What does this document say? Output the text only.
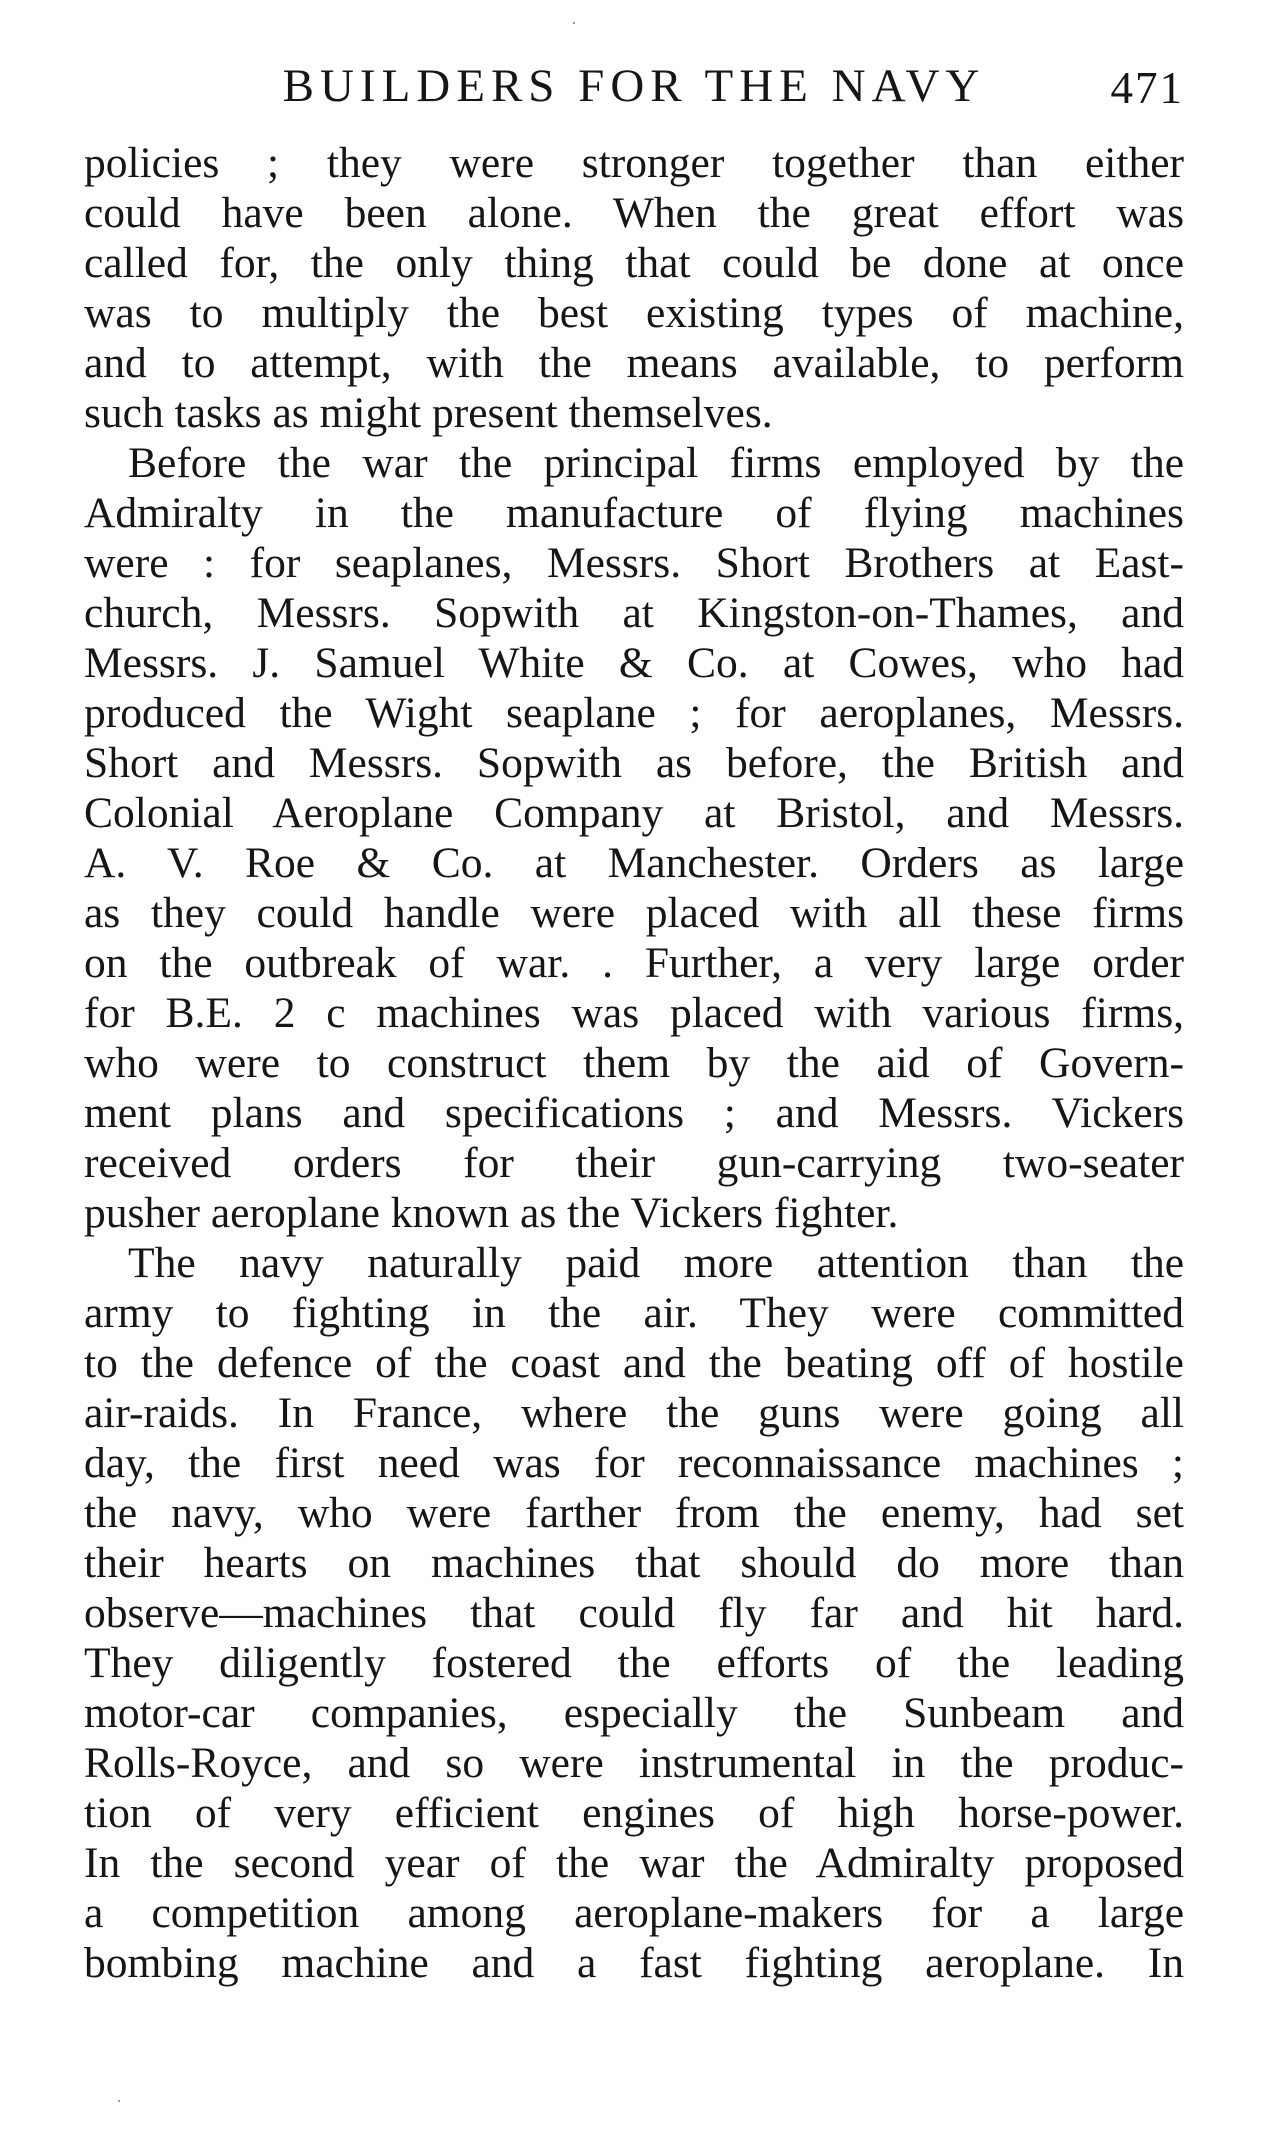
BUILDERS FOR THE NAVY	471
policies ; they were stronger together than either
could have been alone. When the great effort was
called for, the only thing that could be done at once
was to multiply the best existing types of machine,
and to attempt, with the means available, to perform
such tasks as might present themselves.
Before the war the principal firms employed by the
Admiralty in the manufacture of flying machines
were : for seaplanes, Messrs. Short Brothers at East-
church, Messrs. Sopwith at Kingston-on-Thames, and
Messrs. J. Samuel White & Co. at Cowes, who had
produced the Wight seaplane ; for aeroplanes, Messrs.
Short and Messrs. Sopwith as before, the British and
Colonial Aeroplane Company at Bristol, and Messrs.
A. V. Roe & Co. at Manchester. Orders as large
as they could handle were placed with all these firms
on the outbreak of war. . Further, a very large order
for B.E. 2 c machines was placed with various firms,
who were to construct them by the aid of Govern-
ment plans and specifications ; and Messrs. Vickers
received orders for their gun-carrying two-seater
pusher aeroplane known as the Vickers fighter.
The navy naturally paid more attention than the
army to fighting in the air. They were committed
to the defence of the coast and the beating off of hostile
air-raids. In France, where the guns were going all
day, the first need was for reconnaissance machines ;
the navy, who were farther from the enemy, had set
their hearts on machines that should do more than
observe—machines that could fly far and hit hard.
They diligently fostered the efforts of the leading
motor-car companies, especially the Sunbeam and
Rolls-Royce, and so were instrumental in the produc-
tion of very efficient engines of high horse-power.
In the second year of the war the Admiralty proposed
a competition among aeroplane-makers for a large
bombing machine and a fast fighting aeroplane. In
